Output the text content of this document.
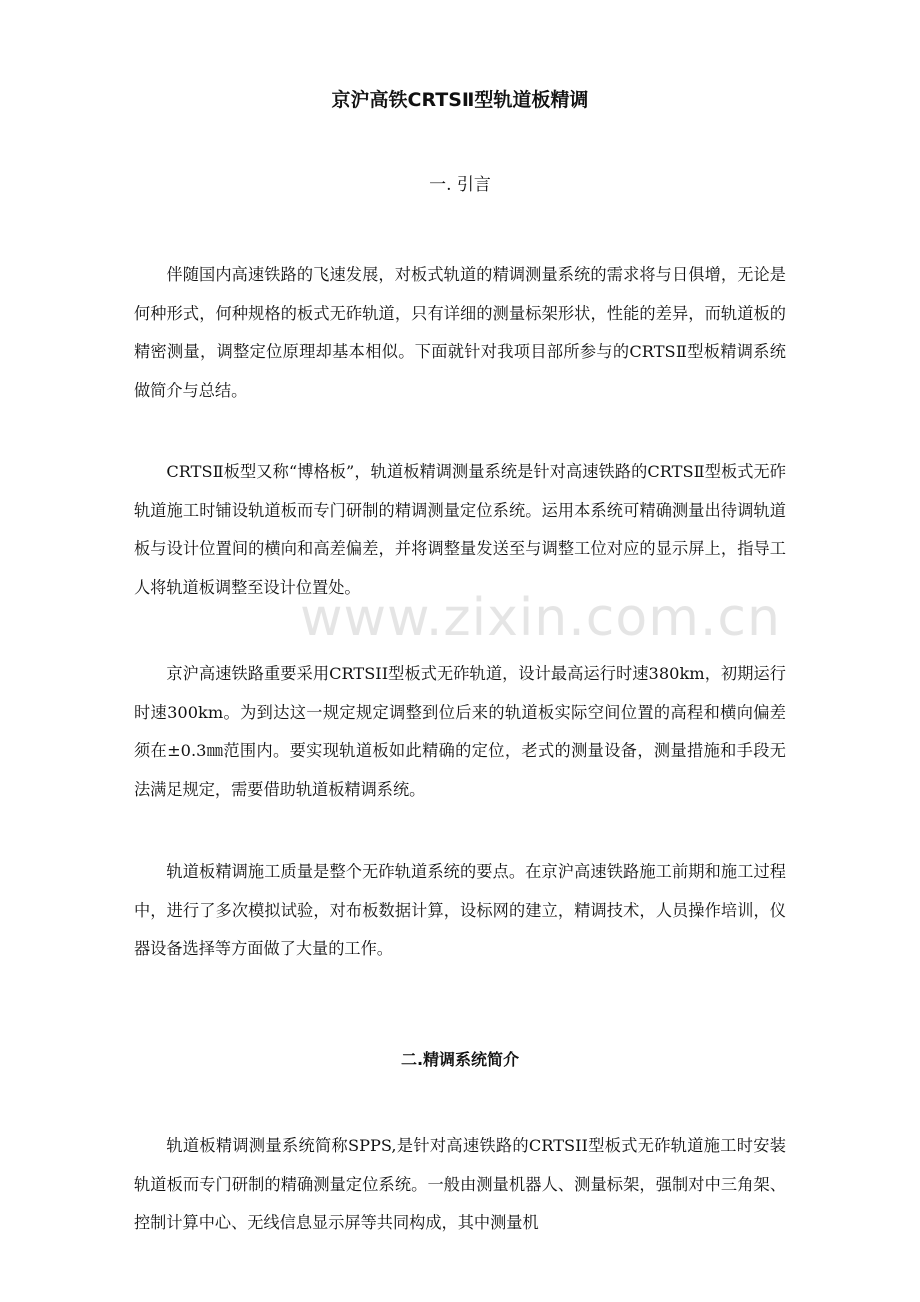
京沪高铁CRTSⅡ型轨道板精调
一. 引言

伴随国内高速铁路的飞速发展，对板式轨道的精调测量系统的需求将与日俱增，无论是何种形式，何种规格的板式无砟轨道，只有详细的测量标架形状，性能的差异，而轨道板的精密测量，调整定位原理却基本相似。下面就针对我项目部所参与的CRTSⅡ型板精调系统做简介与总结。

CRTSⅡ板型又称“博格板”，轨道板精调测量系统是针对高速铁路的CRTSⅡ型板式无砟轨道施工时铺设轨道板而专门研制的精调测量定位系统。运用本系统可精确测量出待调轨道板与设计位置间的横向和高差偏差，并将调整量发送至与调整工位对应的显示屏上，指导工人将轨道板调整至设计位置处。

京沪高速铁路重要采用CRTSII型板式无砟轨道，设计最高运行时速380km，初期运行时速300km。为到达这一规定规定调整到位后来的轨道板实际空间位置的高程和横向偏差须在±0.3㎜范围内。要实现轨道板如此精确的定位，老式的测量设备，测量措施和手段无法满足规定，需要借助轨道板精调系统。

轨道板精调施工质量是整个无砟轨道系统的要点。在京沪高速铁路施工前期和施工过程中，进行了多次模拟试验，对布板数据计算，设标网的建立，精调技术，人员操作培训，仪器设备选择等方面做了大量的工作。

二.精调系统简介

轨道板精调测量系统简称SPPS,是针对高速铁路的CRTSII型板式无砟轨道施工时安装轨道板而专门研制的精确测量定位系统。一般由测量机器人、测量标架，强制对中三角架、控制计算中心、无线信息显示屏等共同构成，其中测量机

www.zixin.com.cn
